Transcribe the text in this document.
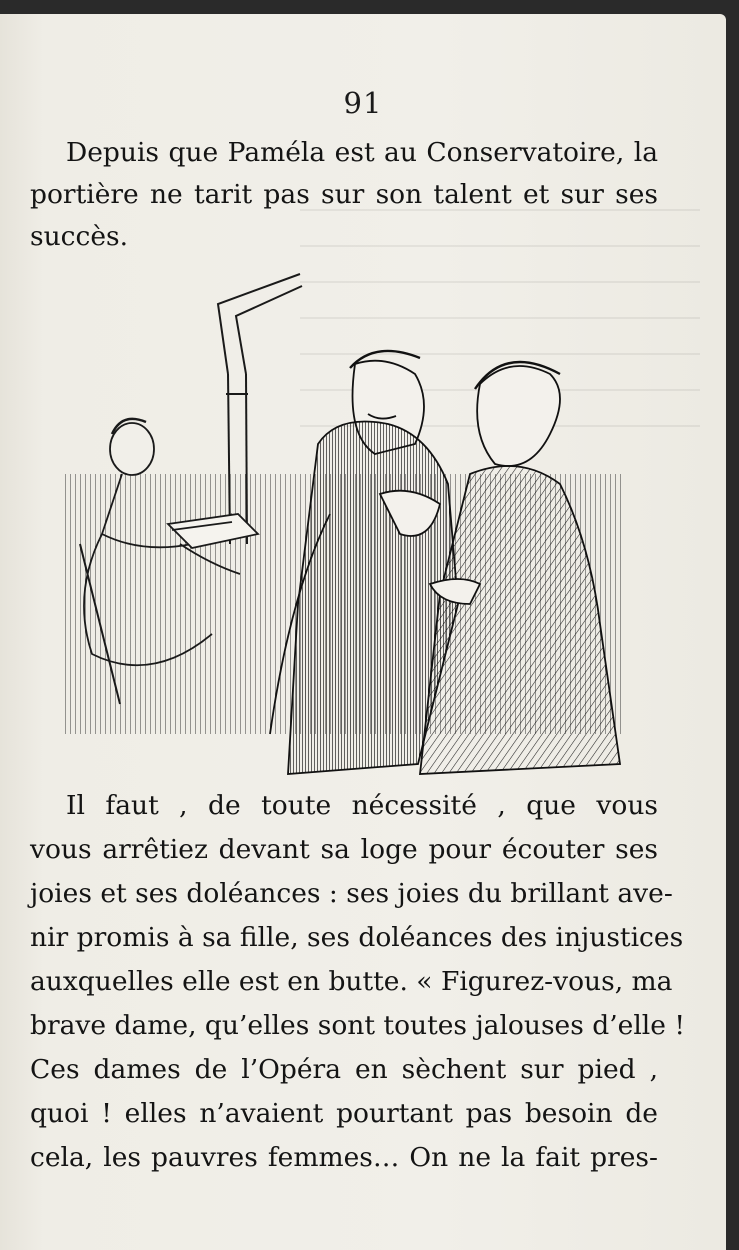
91
Depuis que Paméla est au Conservatoire, la
portière ne tarit pas sur son talent et sur ses
succès.
Il faut , de toute nécessité , que vous
vous arrêtiez devant sa loge pour écouter ses
joies et ses doléances : ses joies du brillant ave-
nir promis à sa fille, ses doléances des injustices
auxquelles elle est en butte. « Figurez-vous, ma
brave dame, qu’elles sont toutes jalouses d’elle !
Ces dames de l’Opéra en sèchent sur pied ,
quoi ! elles n’avaient pourtant pas besoin de
cela, les pauvres femmes… On ne la fait pres-
